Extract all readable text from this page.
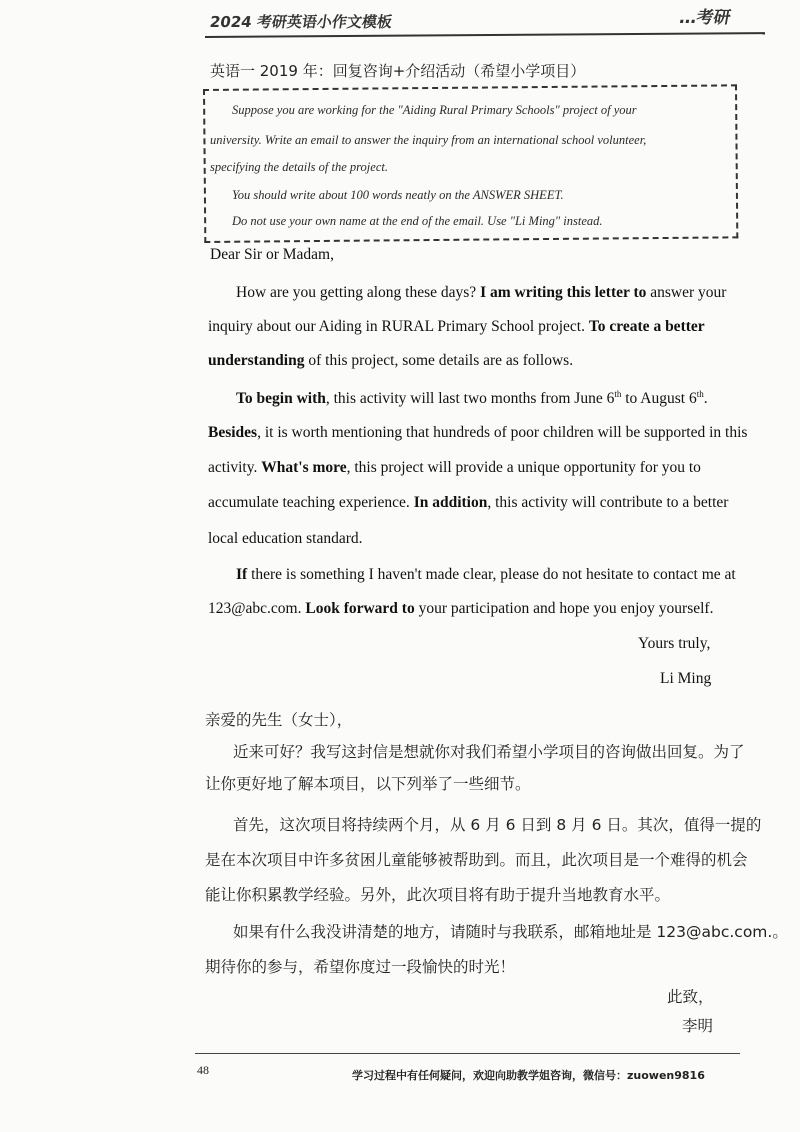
2024 考研英语小作文模板	…考研
英语一 2019 年：回复咨询+介绍活动（希望小学项目）
Suppose you are working for the "Aiding Rural Primary Schools" project of your
university. Write an email to answer the inquiry from an international school volunteer,
specifying the details of the project.
You should write about 100 words neatly on the ANSWER SHEET.
Do not use your own name at the end of the email. Use "Li Ming" instead.
Dear Sir or Madam,
How are you getting along these days? I am writing this letter to answer your
inquiry about our Aiding in RURAL Primary School project. To create a better
understanding of this project, some details are as follows.
To begin with, this activity will last two months from June 6th to August 6th.
Besides, it is worth mentioning that hundreds of poor children will be supported in this
activity. What's more, this project will provide a unique opportunity for you to
accumulate teaching experience. In addition, this activity will contribute to a better
local education standard.
If there is something I haven't made clear, please do not hesitate to contact me at
123@abc.com. Look forward to your participation and hope you enjoy yourself.
Yours truly,
Li Ming
亲爱的先生（女士），
近来可好？我写这封信是想就你对我们希望小学项目的咨询做出回复。为了
让你更好地了解本项目，以下列举了一些细节。
首先，这次项目将持续两个月，从 6 月 6 日到 8 月 6 日。其次，值得一提的
是在本次项目中许多贫困儿童能够被帮助到。而且，此次项目是一个难得的机会
能让你积累教学经验。另外，此次项目将有助于提升当地教育水平。
如果有什么我没讲清楚的地方，请随时与我联系，邮箱地址是 123@abc.com.。
期待你的参与，希望你度过一段愉快的时光！
此致，
李明
48	学习过程中有任何疑问，欢迎向助教学姐咨询，微信号：zuowen9816
